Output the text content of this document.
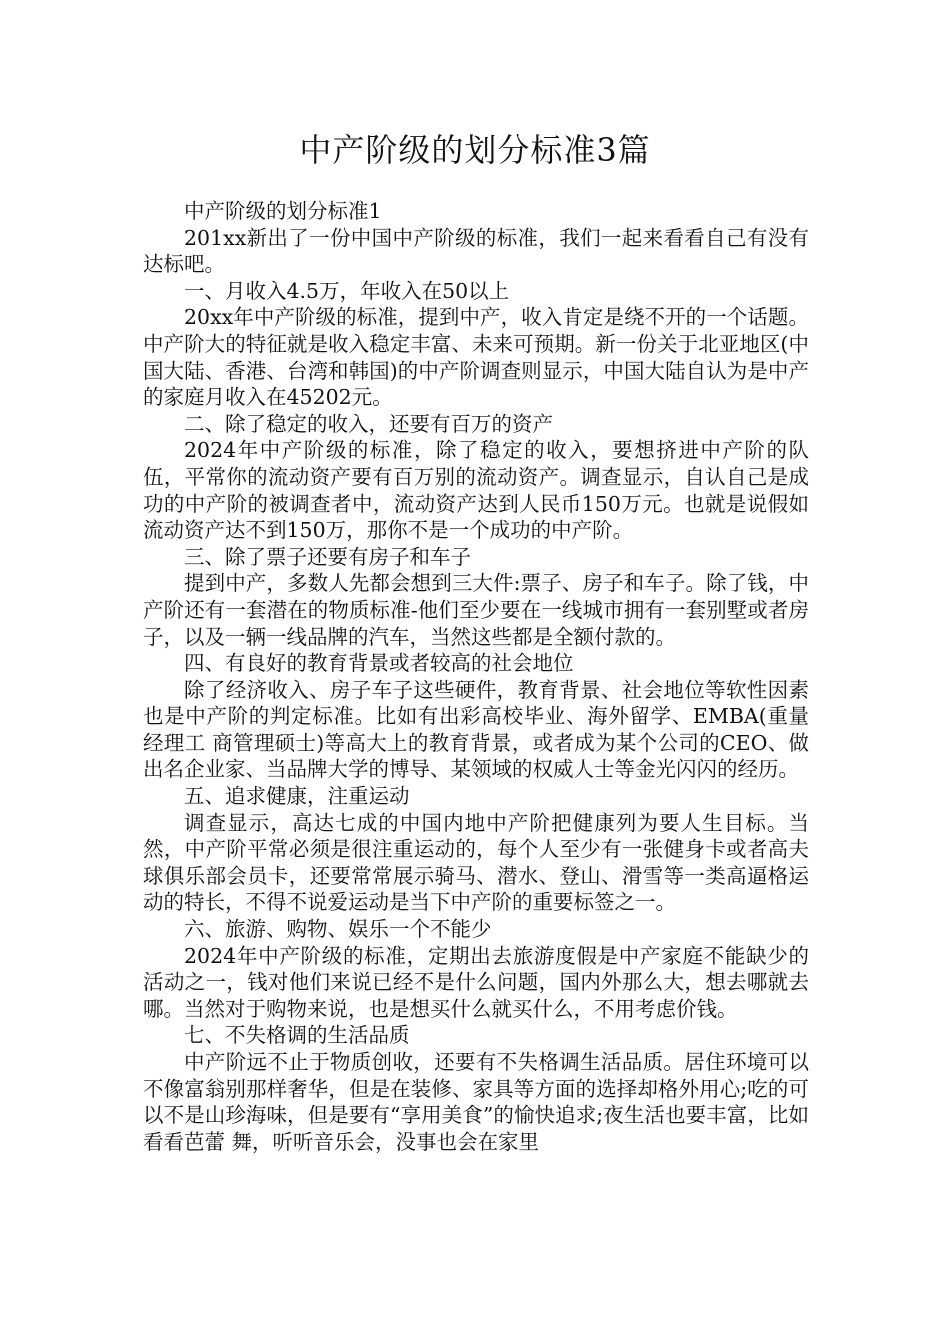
中产阶级的划分标准3篇

中产阶级的划分标准1

201xx新出了一份中国中产阶级的标准，我们一起来看看自己有没有达标吧。

一、月收入4.5万，年收入在50以上

20xx年中产阶级的标准，提到中产，收入肯定是绕不开的一个话题。中产阶大的特征就是收入稳定丰富、未来可预期。新一份关于北亚地区(中国大陆、香港、台湾和韩国)的中产阶调查则显示，中国大陆自认为是中产的家庭月收入在45202元。

二、除了稳定的收入，还要有百万的资产

2024年中产阶级的标准，除了稳定的收入，要想挤进中产阶的队伍，平常你的流动资产要有百万别的流动资产。调查显示，自认自己是成功的中产阶的被调查者中，流动资产达到人民币150万元。也就是说假如流动资产达不到150万，那你不是一个成功的中产阶。

三、除了票子还要有房子和车子

提到中产，多数人先都会想到三大件:票子、房子和车子。除了钱，中产阶还有一套潜在的物质标准-他们至少要在一线城市拥有一套别墅或者房子，以及一辆一线品牌的汽车，当然这些都是全额付款的。

四、有良好的教育背景或者较高的社会地位

除了经济收入、房子车子这些硬件，教育背景、社会地位等软性因素也是中产阶的判定标准。比如有出彩高校毕业、海外留学、EMBA(重量经理工 商管理硕士)等高大上的教育背景，或者成为某个公司的CEO、做出名企业家、当品牌大学的博导、某领域的权威人士等金光闪闪的经历。

五、追求健康，注重运动

调查显示，高达七成的中国内地中产阶把健康列为要人生目标。当然，中产阶平常必须是很注重运动的，每个人至少有一张健身卡或者高夫球俱乐部会员卡，还要常常展示骑马、潜水、登山、滑雪等一类高逼格运动的特长，不得不说爱运动是当下中产阶的重要标签之一。

六、旅游、购物、娱乐一个不能少

2024年中产阶级的标准，定期出去旅游度假是中产家庭不能缺少的活动之一，钱对他们来说已经不是什么问题，国内外那么大，想去哪就去哪。当然对于购物来说，也是想买什么就买什么，不用考虑价钱。

七、不失格调的生活品质

中产阶远不止于物质创收，还要有不失格调生活品质。居住环境可以 不像富翁别那样奢华，但是在装修、家具等方面的选择却格外用心;吃的可以不是山珍海味，但是要有“享用美食”的愉快追求;夜生活也要丰富，比如看看芭蕾 舞，听听音乐会，没事也会在家里
